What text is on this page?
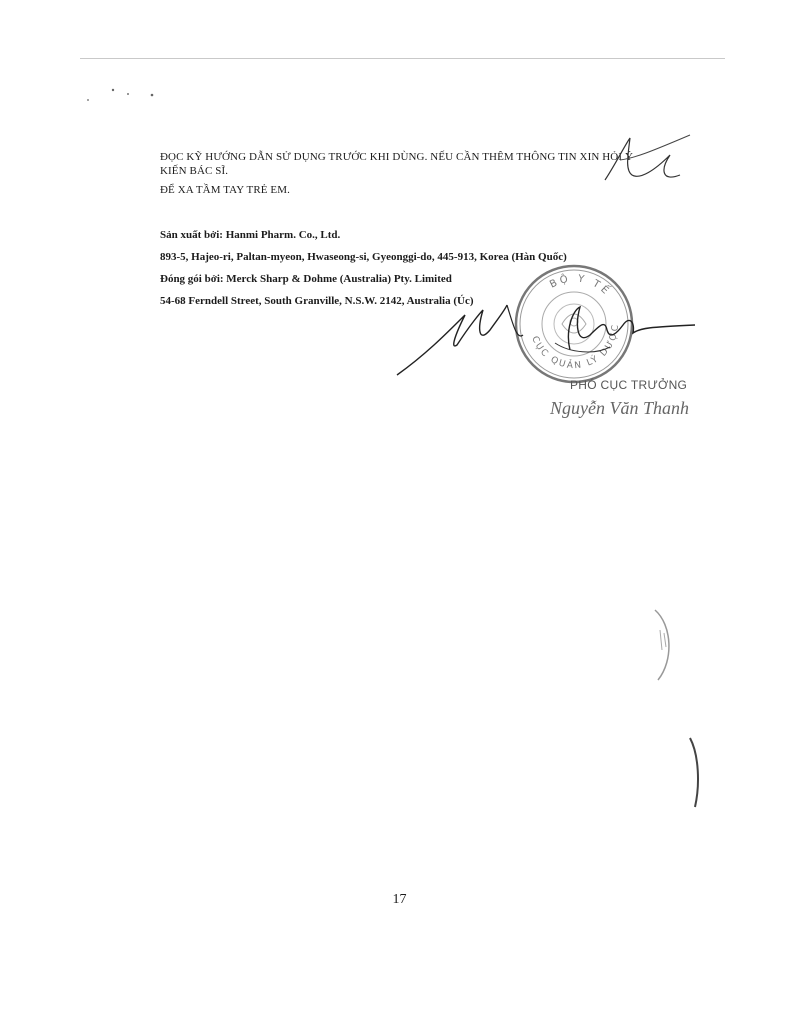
ĐỌC KỸ HƯỚNG DẪN SỬ DỤNG TRƯỚC KHI DÙNG. NẾU CẦN THÊM THÔNG TIN XIN HỎI Ý
KIẾN BÁC SĨ.
ĐỂ XA TẦM TAY TRẺ EM.
Sản xuất bởi: Hanmi Pharm. Co., Ltd.
893-5, Hajeo-ri, Paltan-myeon, Hwaseong-si, Gyeonggi-do, 445-913, Korea (Hàn Quốc)
Đóng gói bởi: Merck Sharp & Dohme (Australia) Pty. Limited
54-68 Ferndell Street, South Granville, N.S.W. 2142, Australia (Úc)
BỘ Y TẾ
CỤC QUẢN LÝ DƯỢC
PHÓ CỤC TRƯỞNG
Nguyễn Văn Thanh
17
